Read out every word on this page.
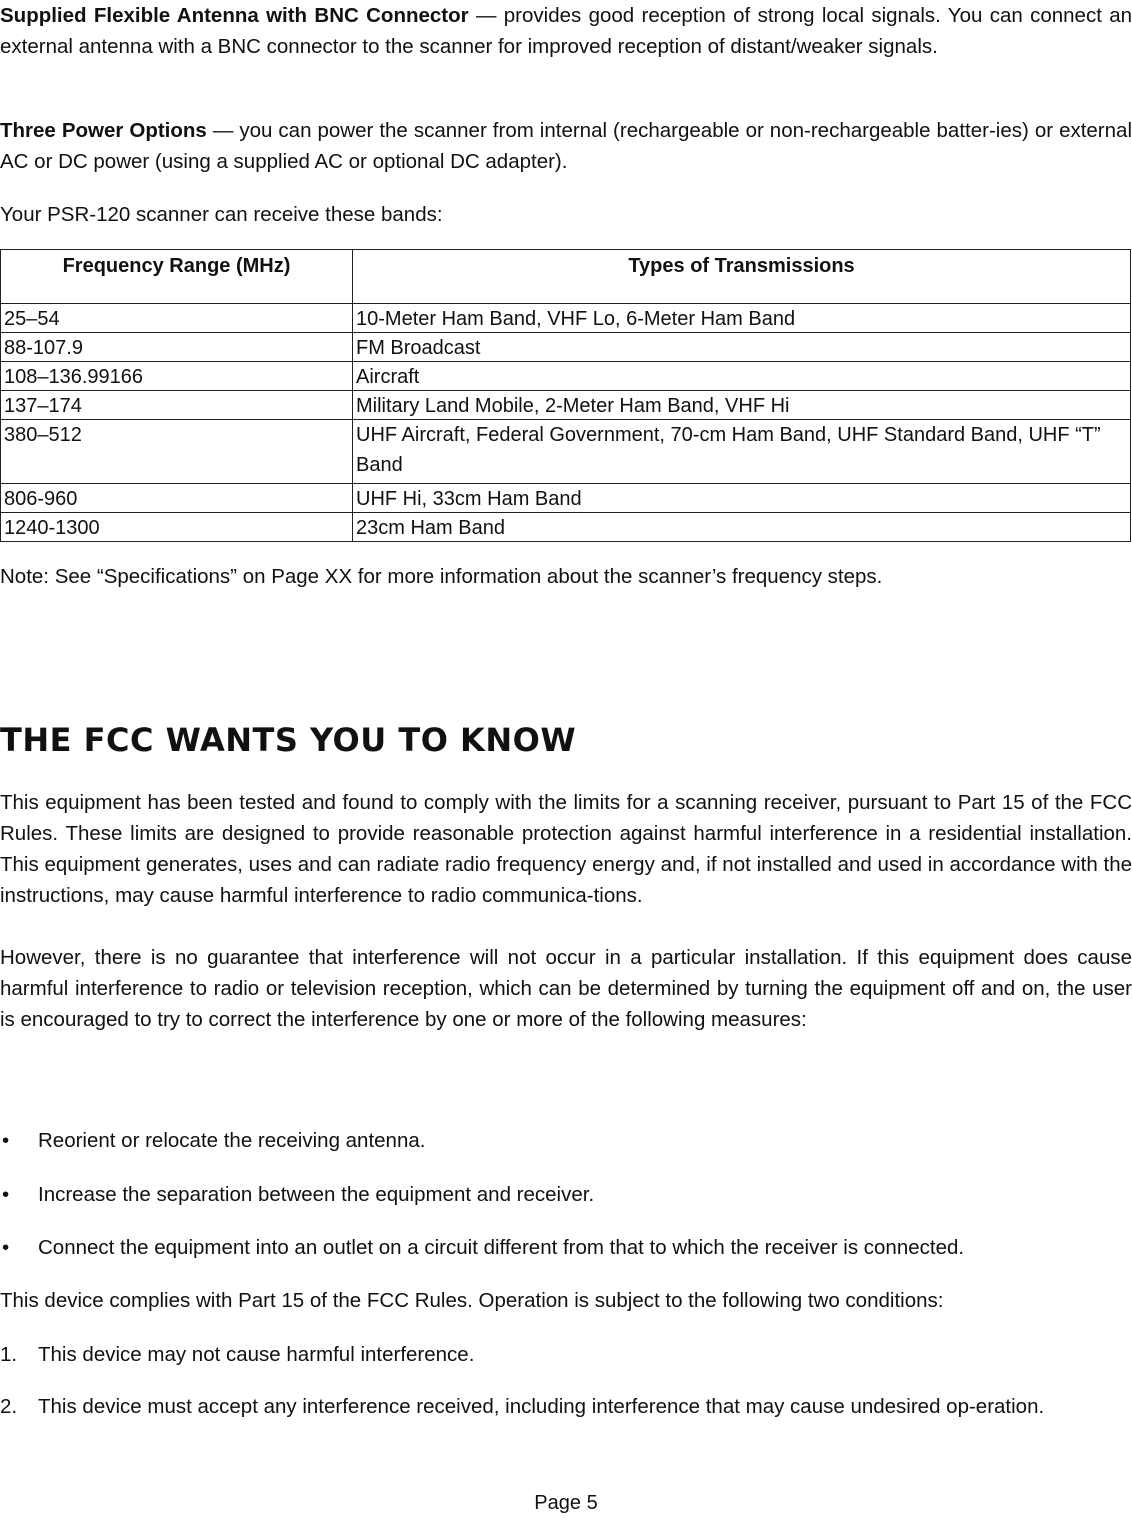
Supplied Flexible Antenna with BNC Connector — provides good reception of strong local signals. You can connect an external antenna with a BNC connector to the scanner for improved reception of distant/weaker signals.

Three Power Options — you can power the scanner from internal (rechargeable or non-rechargeable batter-ies) or external AC or DC power (using a supplied AC or optional DC adapter).

Your PSR-120 scanner can receive these bands:

Frequency Range (MHz)	Types of Transmissions
25–54	10-Meter Ham Band, VHF Lo, 6-Meter Ham Band
88-107.9	FM Broadcast
108–136.99166	Aircraft
137–174	Military Land Mobile, 2-Meter Ham Band, VHF Hi
380–512	UHF Aircraft, Federal Government, 70-cm Ham Band, UHF Standard Band, UHF “T” Band
806-960	UHF Hi, 33cm Ham Band
1240-1300	23cm Ham Band

Note: See “Specifications” on Page XX for more information about the scanner’s frequency steps.

THE FCC WANTS YOU TO KNOW

This equipment has been tested and found to comply with the limits for a scanning receiver, pursuant to Part 15 of the FCC Rules. These limits are designed to provide reasonable protection against harmful interference in a residential installation. This equipment generates, uses and can radiate radio frequency energy and, if not installed and used in accordance with the instructions, may cause harmful interference to radio communica-tions.

However, there is no guarantee that interference will not occur in a particular installation. If this equipment does cause harmful interference to radio or television reception, which can be determined by turning the equipment off and on, the user is encouraged to try to correct the interference by one or more of the following measures:

• Reorient or relocate the receiving antenna.
• Increase the separation between the equipment and receiver.
• Connect the equipment into an outlet on a circuit different from that to which the receiver is connected.

This device complies with Part 15 of the FCC Rules. Operation is subject to the following two conditions:

1. This device may not cause harmful interference.
2. This device must accept any interference received, including interference that may cause undesired op-eration.
Page 5
